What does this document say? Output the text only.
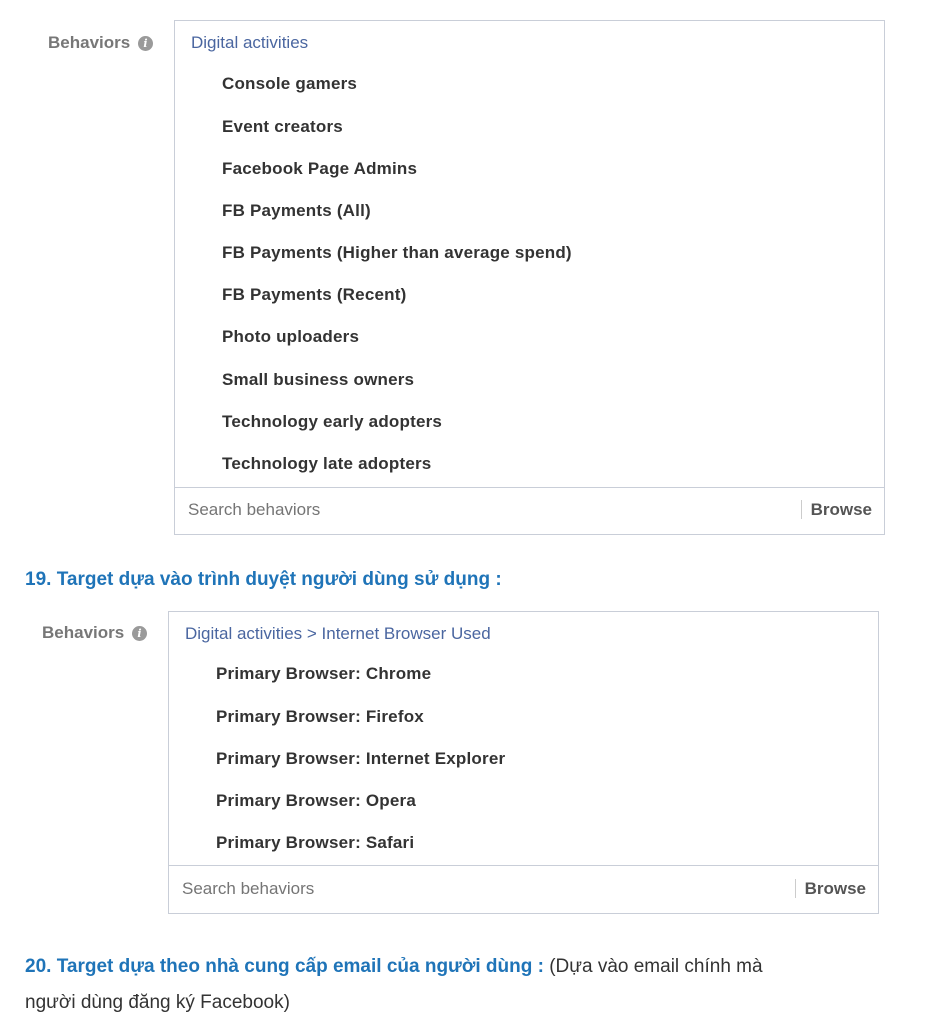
Behaviors i	Digital activities
Console gamers
Event creators
Facebook Page Admins
FB Payments (All)
FB Payments (Higher than average spend)
FB Payments (Recent)
Photo uploaders
Small business owners
Technology early adopters
Technology late adopters
Search behaviors
Browse
19. Target dựa vào trình duyệt người dùng sử dụng :
Behaviors i	Digital activities > Internet Browser Used
Primary Browser: Chrome
Primary Browser: Firefox
Primary Browser: Internet Explorer
Primary Browser: Opera
Primary Browser: Safari
Search behaviors
Browse
20. Target dựa theo nhà cung cấp email của người dùng : (Dựa vào email chính mà
người dùng đăng ký Facebook)
